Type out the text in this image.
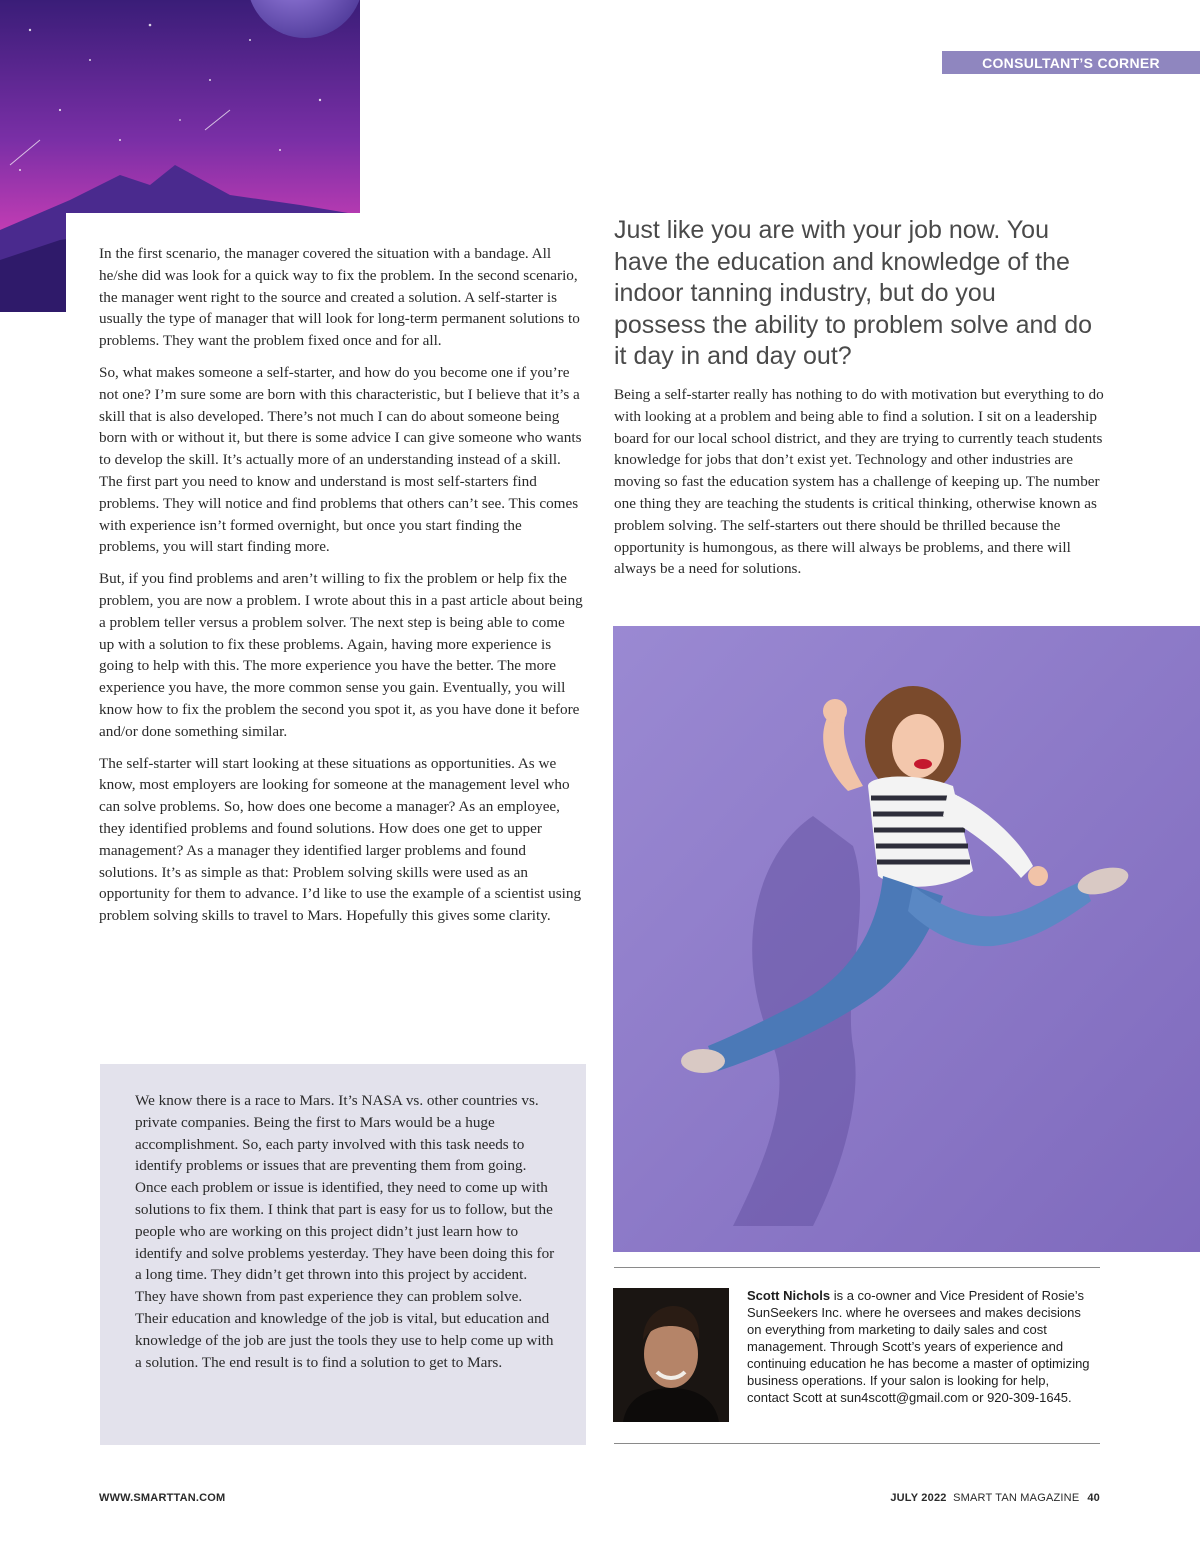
CONSULTANT’S CORNER

In the first scenario, the manager covered the situation with a bandage. All he/she did was look for a quick way to fix the problem. In the second scenario, the manager went right to the source and created a solution. A self-starter is usually the type of manager that will look for long-term permanent solutions to problems. They want the problem fixed once and for all.

So, what makes someone a self-starter, and how do you become one if you’re not one? I’m sure some are born with this characteristic, but I believe that it’s a skill that is also developed. There’s not much I can do about someone being born with or without it, but there is some advice I can give someone who wants to develop the skill. It’s actually more of an understanding instead of a skill. The first part you need to know and understand is most self-starters find problems. They will notice and find problems that others can’t see. This comes with experience isn’t formed overnight, but once you start finding the problems, you will start finding more.

But, if you find problems and aren’t willing to fix the problem or help fix the problem, you are now a problem. I wrote about this in a past article about being a problem teller versus a problem solver. The next step is being able to come up with a solution to fix these problems. Again, having more experience is going to help with this. The more experience you have the better. The more experience you have, the more common sense you gain. Eventually, you will know how to fix the problem the second you spot it, as you have done it before and/or done something similar.

The self-starter will start looking at these situations as opportunities. As we know, most employers are looking for someone at the management level who can solve problems. So, how does one become a manager? As an employee, they identified problems and found solutions. How does one get to upper management? As a manager they identified larger problems and found solutions. It’s as simple as that: Problem solving skills were used as an opportunity for them to advance. I’d like to use the example of a scientist using problem solving skills to travel to Mars. Hopefully this gives some clarity.

We know there is a race to Mars. It’s NASA vs. other countries vs. private companies. Being the first to Mars would be a huge accomplishment. So, each party involved with this task needs to identify problems or issues that are preventing them from going. Once each problem or issue is identified, they need to come up with solutions to fix them. I think that part is easy for us to follow, but the people who are working on this project didn’t just learn how to identify and solve problems yesterday. They have been doing this for a long time. They didn’t get thrown into this project by accident. They have shown from past experience they can problem solve. Their education and knowledge of the job is vital, but education and knowledge of the job are just the tools they use to help come up with a solution. The end result is to find a solution to get to Mars.

Just like you are with your job now. You have the education and knowledge of the indoor tanning industry, but do you possess the ability to problem solve and do it day in and day out?

Being a self-starter really has nothing to do with motivation but everything to do with looking at a problem and being able to find a solution. I sit on a leadership board for our local school district, and they are trying to currently teach students knowledge for jobs that don’t exist yet. Technology and other industries are moving so fast the education system has a challenge of keeping up. The number one thing they are teaching the students is critical thinking, otherwise known as problem solving. The self-starters out there should be thrilled because the opportunity is humongous, as there will always be problems, and there will always be a need for solutions.

Scott Nichols is a co-owner and Vice President of Rosie’s SunSeekers Inc. where he oversees and makes decisions on everything from marketing to daily sales and cost management. Through Scott’s years of experience and continuing education he has become a master of optimizing business operations. If your salon is looking for help, contact Scott at sun4scott@gmail.com or 920-309-1645.

WWW.SMARTTAN.COM	JULY 2022 SMART TAN MAGAZINE 40
